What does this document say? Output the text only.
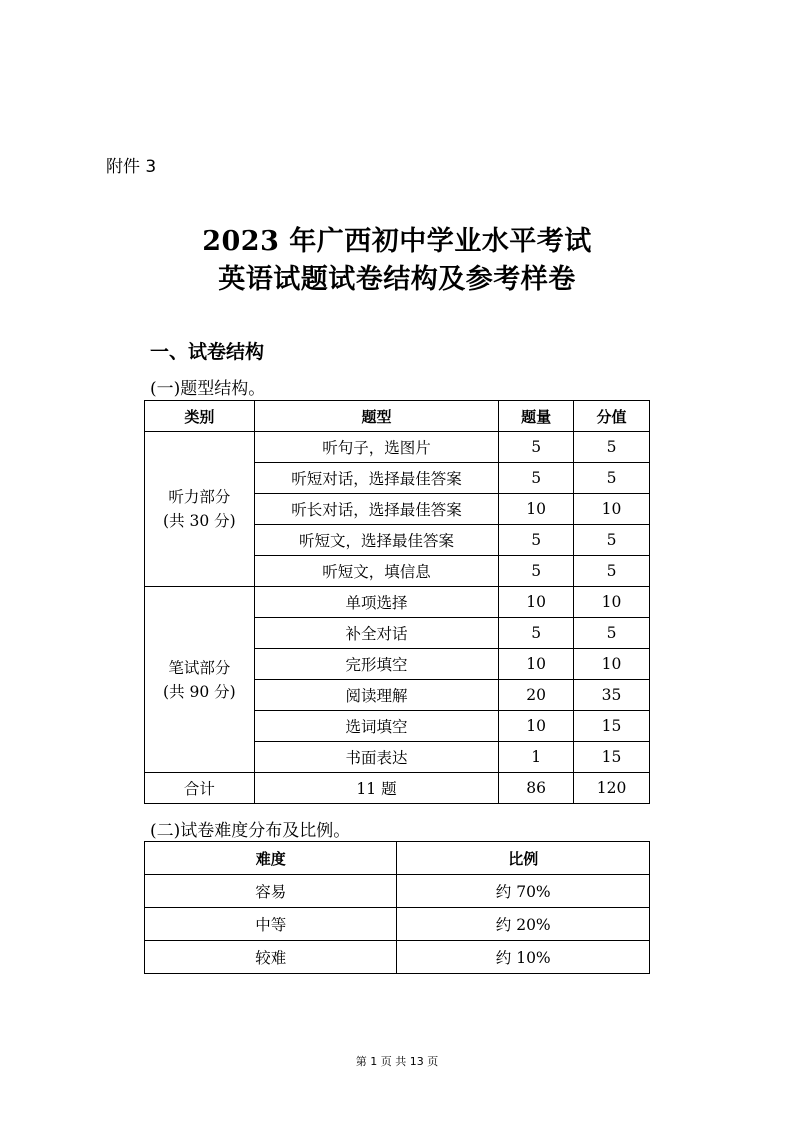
附件 3
2023 年广西初中学业水平考试
英语试题试卷结构及参考样卷
一、试卷结构
(一)题型结构。
类别	题型	题量	分值
听力部分
(共 30 分)	听句子，选图片	5	5
	听短对话，选择最佳答案	5	5
	听长对话，选择最佳答案	10	10
	听短文，选择最佳答案	5	5
	听短文，填信息	5	5
笔试部分
(共 90 分)	单项选择	10	10
	补全对话	5	5
	完形填空	10	10
	阅读理解	20	35
	选词填空	10	15
	书面表达	1	15
合计	11 题	86	120
(二)试卷难度分布及比例。
难度	比例
容易	约 70%
中等	约 20%
较难	约 10%
第 1 页 共 13 页
